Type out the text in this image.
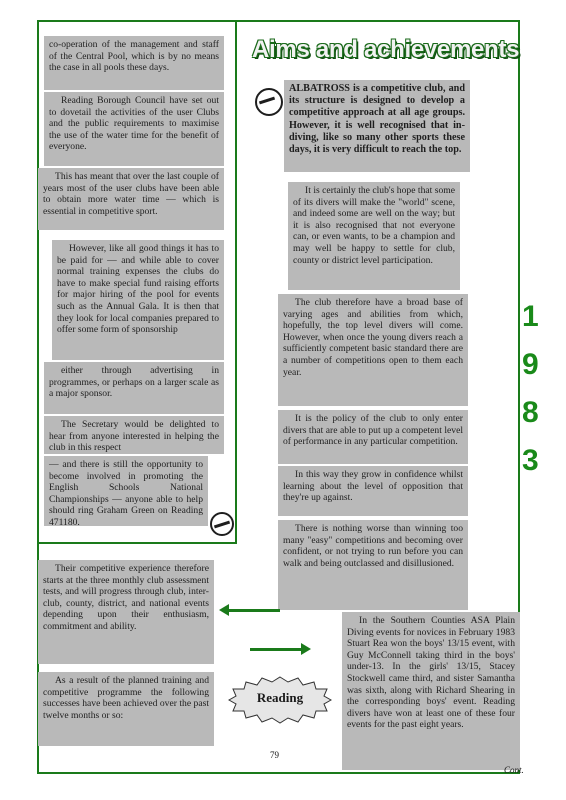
co-operation of the management and staff of the Central Pool, which is by no means the case in all pools these days.

Reading Borough Council have set out to dovetail the activities of the user Clubs and the public requirements to maximise the use of the water time for the benefit of everyone.

This has meant that over the last couple of years most of the user clubs have been able to obtain more water time — which is essential in competitive sport.

However, like all good things it has to be paid for — and while able to cover normal training expenses the clubs do have to make special fund raising efforts for major hiring of the pool for events such as the Annual Gala. It is then that they look for local companies prepared to offer some form of sponsorship

either through advertising in programmes, or perhaps on a larger scale as a major sponsor.

The Secretary would be delighted to hear from anyone interested in helping the club in this respect

— and there is still the opportunity to become involved in promoting the English Schools National Championships — anyone able to help should ring Graham Green on Reading 471180.

Their competitive experience therefore starts at the three monthly club assessment tests, and will progress through club, inter-club, county, district, and national events depending upon their enthusiasm, commitment and ability.

As a result of the planned training and competitive programme the following successes have been achieved over the past twelve months or so:

Aims and achievements

ALBATROSS is a competitive club, and its structure is designed to develop a competitive approach at all age groups. However, it is well recognised that in-diving, like so many other sports these days, it is very difficult to reach the top.

It is certainly the club's hope that some of its divers will make the "world" scene, and indeed some are well on the way; but it is also recognised that not everyone can, or even wants, to be a champion and may well be happy to settle for club, county or district level participation.

The club therefore have a broad base of varying ages and abilities from which, hopefully, the top level divers will come. However, when once the young divers reach a sufficiently competent basic standard there are a number of competitions open to them each year.

It is the policy of the club to only enter divers that are able to put up a competent level of performance in any particular competition.

In this way they grow in confidence whilst learning about the level of opposition that they're up against.

There is nothing worse than winning too many "easy" competitions and becoming over confident, or not trying to run before you can walk and being outclassed and disillusioned.

In the Southern Counties ASA Plain Diving events for novices in February 1983 Stuart Rea won the boys' 13/15 event, with Guy McConnell taking third in the boys' under-13. In the girls' 13/15, Stacey Stockwell came third, and sister Samantha was sixth, along with Richard Shearing in the corresponding boys' event. Reading divers have won at least one of these four events for the past eight years.

1
9
8
3
Reading
79
Cont.
